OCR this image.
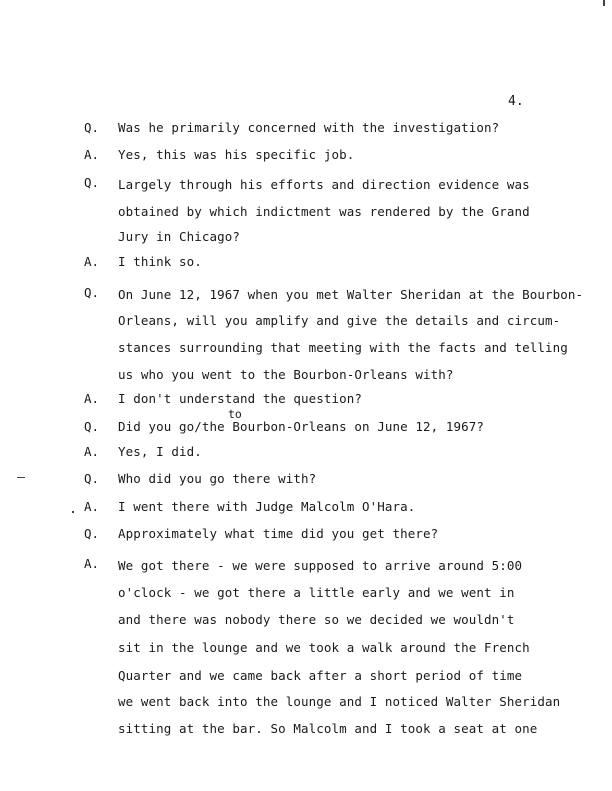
4.
Q. Was he primarily concerned with the investigation?
A. Yes, this was his specific job.
Q. Largely through his efforts and direction evidence was
obtained by which indictment was rendered by the Grand
Jury in Chicago?
A. I think so.
Q. On June 12, 1967 when you met Walter Sheridan at the Bourbon-
Orleans, will you amplify and give the details and circum-
stances surrounding that meeting with the facts and telling
us who you went to the Bourbon-Orleans with?
A. I don't understand the question?
to
Q. Did you go/the Bourbon-Orleans on June 12, 1967?
A. Yes, I did.
Q. Who did you go there with?
A. I went there with Judge Malcolm O'Hara.
Q. Approximately what time did you get there?
A. We got there - we were supposed to arrive around 5:00
o'clock - we got there a little early and we went in
and there was nobody there so we decided we wouldn't
sit in the lounge and we took a walk around the French
Quarter and we came back after a short period of time
we went back into the lounge and I noticed Walter Sheridan
sitting at the bar. So Malcolm and I took a seat at one
